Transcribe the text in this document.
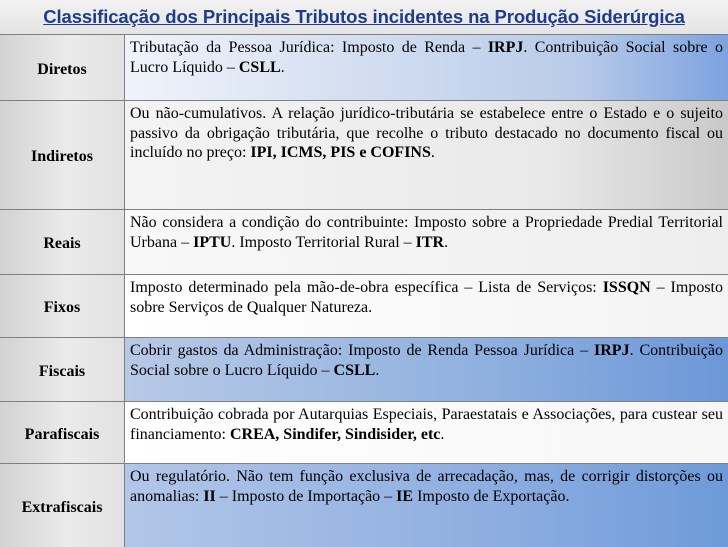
Classificação dos Principais Tributos incidentes na Produção Siderúrgica
Diretos
Tributação da Pessoa Jurídica: Imposto de Renda – IRPJ. Contribuição Social sobre o Lucro Líquido – CSLL.
Indiretos
Ou não-cumulativos. A relação jurídico-tributária se estabelece entre o Estado e o sujeito passivo da obrigação tributária, que recolhe o tributo destacado no documento fiscal ou incluído no preço: IPI, ICMS, PIS e COFINS.
Reais
Não considera a condição do contribuinte: Imposto sobre a Propriedade Predial Territorial Urbana – IPTU. Imposto Territorial Rural – ITR.
Fixos
Imposto determinado pela mão-de-obra específica – Lista de Serviços: ISSQN – Imposto sobre Serviços de Qualquer Natureza.
Fiscais
Cobrir gastos da Administração: Imposto de Renda Pessoa Jurídica – IRPJ. Contribuição Social sobre o Lucro Líquido – CSLL.
Parafiscais
Contribuição cobrada por Autarquias Especiais, Paraestatais e Associações, para custear seu financiamento: CREA, Sindifer, Sindisider, etc.
Extrafiscais
Ou regulatório. Não tem função exclusiva de arrecadação, mas, de corrigir distorções ou anomalias: II – Imposto de Importação – IE Imposto de Exportação.
